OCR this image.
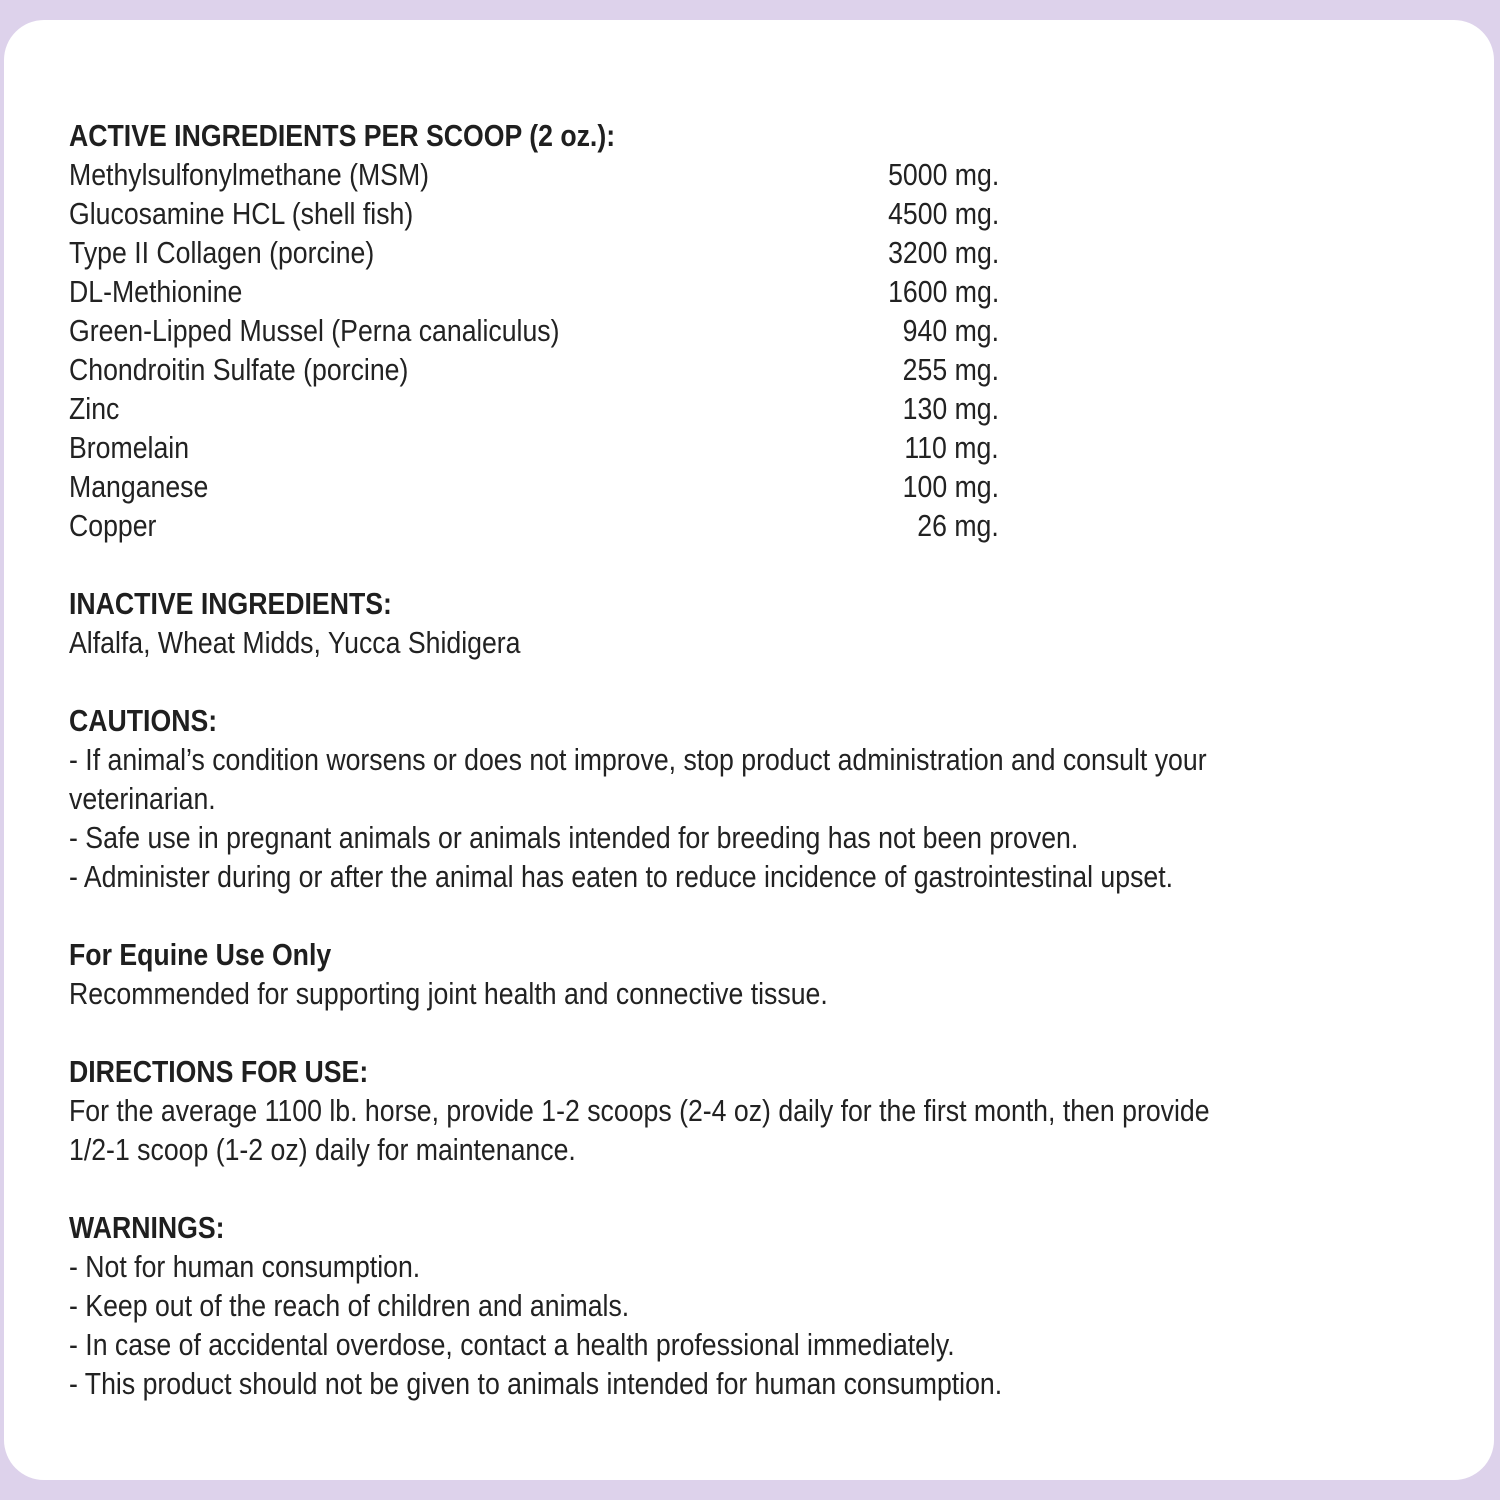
ACTIVE INGREDIENTS PER SCOOP (2 oz.):
Methylsulfonylmethane (MSM)	5000 mg.
Glucosamine HCL (shell fish)	4500 mg.
Type II Collagen (porcine)	3200 mg.
DL-Methionine	1600 mg.
Green-Lipped Mussel (Perna canaliculus)	940 mg.
Chondroitin Sulfate (porcine)	255 mg.
Zinc	130 mg.
Bromelain	110 mg.
Manganese	100 mg.
Copper	26 mg.
INACTIVE INGREDIENTS:
Alfalfa, Wheat Midds, Yucca Shidigera
CAUTIONS:
- If animal’s condition worsens or does not improve, stop product administration and consult your
veterinarian.
- Safe use in pregnant animals or animals intended for breeding has not been proven.
- Administer during or after the animal has eaten to reduce incidence of gastrointestinal upset.
For Equine Use Only
Recommended for supporting joint health and connective tissue.
DIRECTIONS FOR USE:
For the average 1100 lb. horse, provide 1-2 scoops (2-4 oz) daily for the first month, then provide
1/2-1 scoop (1-2 oz) daily for maintenance.
WARNINGS:
- Not for human consumption.
- Keep out of the reach of children and animals.
- In case of accidental overdose, contact a health professional immediately.
- This product should not be given to animals intended for human consumption.
